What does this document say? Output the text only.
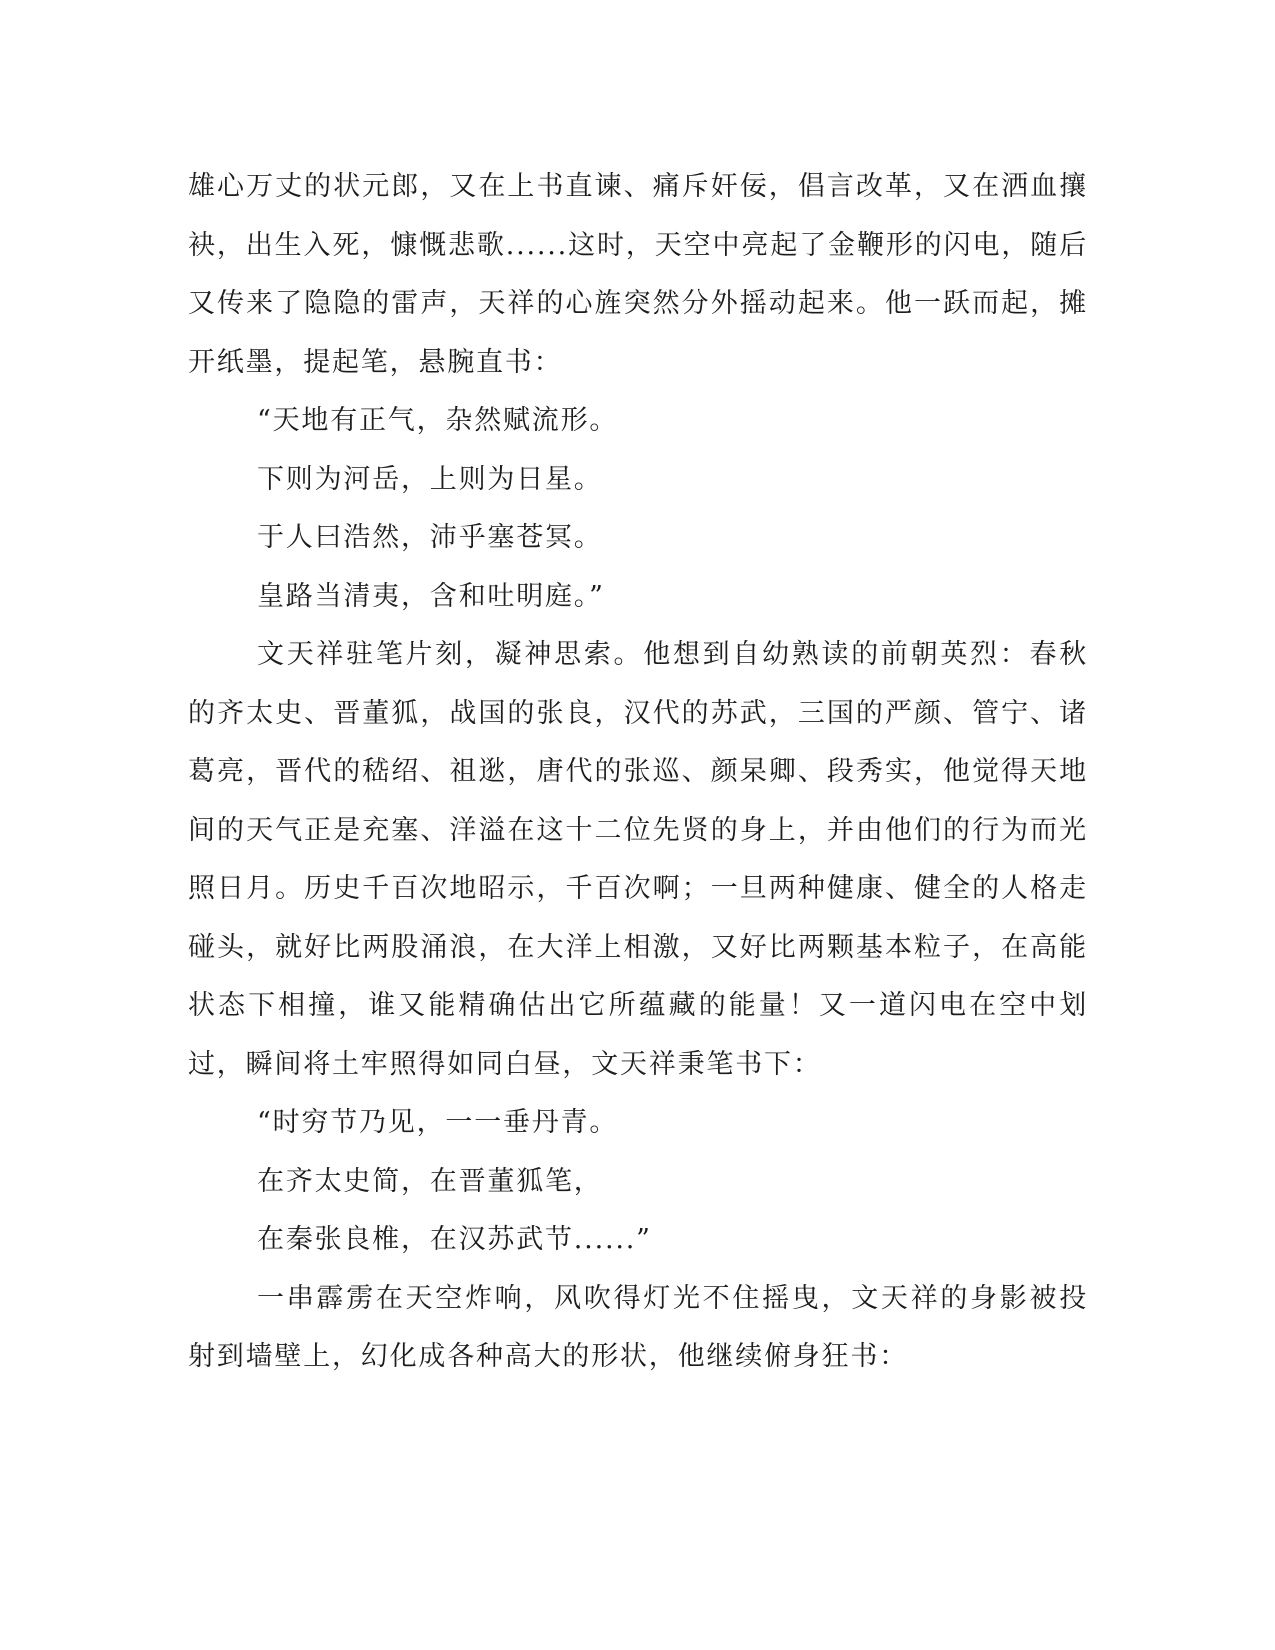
雄心万丈的状元郎，又在上书直谏、痛斥奸佞，倡言改革，又在洒血攘袂，出生入死，慷慨悲歌......这时，天空中亮起了金鞭形的闪电，随后又传来了隐隐的雷声，天祥的心旌突然分外摇动起来。他一跃而起，摊开纸墨，提起笔，悬腕直书：

“天地有正气，杂然赋流形。

下则为河岳，上则为日星。

于人曰浩然，沛乎塞苍冥。

皇路当清夷，含和吐明庭。”

文天祥驻笔片刻，凝神思索。他想到自幼熟读的前朝英烈：春秋的齐太史、晋董狐，战国的张良，汉代的苏武，三国的严颜、管宁、诸葛亮，晋代的嵇绍、祖逖，唐代的张巡、颜杲卿、段秀实，他觉得天地间的天气正是充塞、洋溢在这十二位先贤的身上，并由他们的行为而光照日月。历史千百次地昭示，千百次啊；一旦两种健康、健全的人格走碰头，就好比两股涌浪，在大洋上相激，又好比两颗基本粒子，在高能状态下相撞，谁又能精确估出它所蕴藏的能量！又一道闪电在空中划过，瞬间将土牢照得如同白昼，文天祥秉笔书下：

“时穷节乃见，一一垂丹青。

在齐太史简，在晋董狐笔，

在秦张良椎，在汉苏武节......”

一串霹雳在天空炸响，风吹得灯光不住摇曳，文天祥的身影被投射到墙壁上，幻化成各种高大的形状，他继续俯身狂书：
